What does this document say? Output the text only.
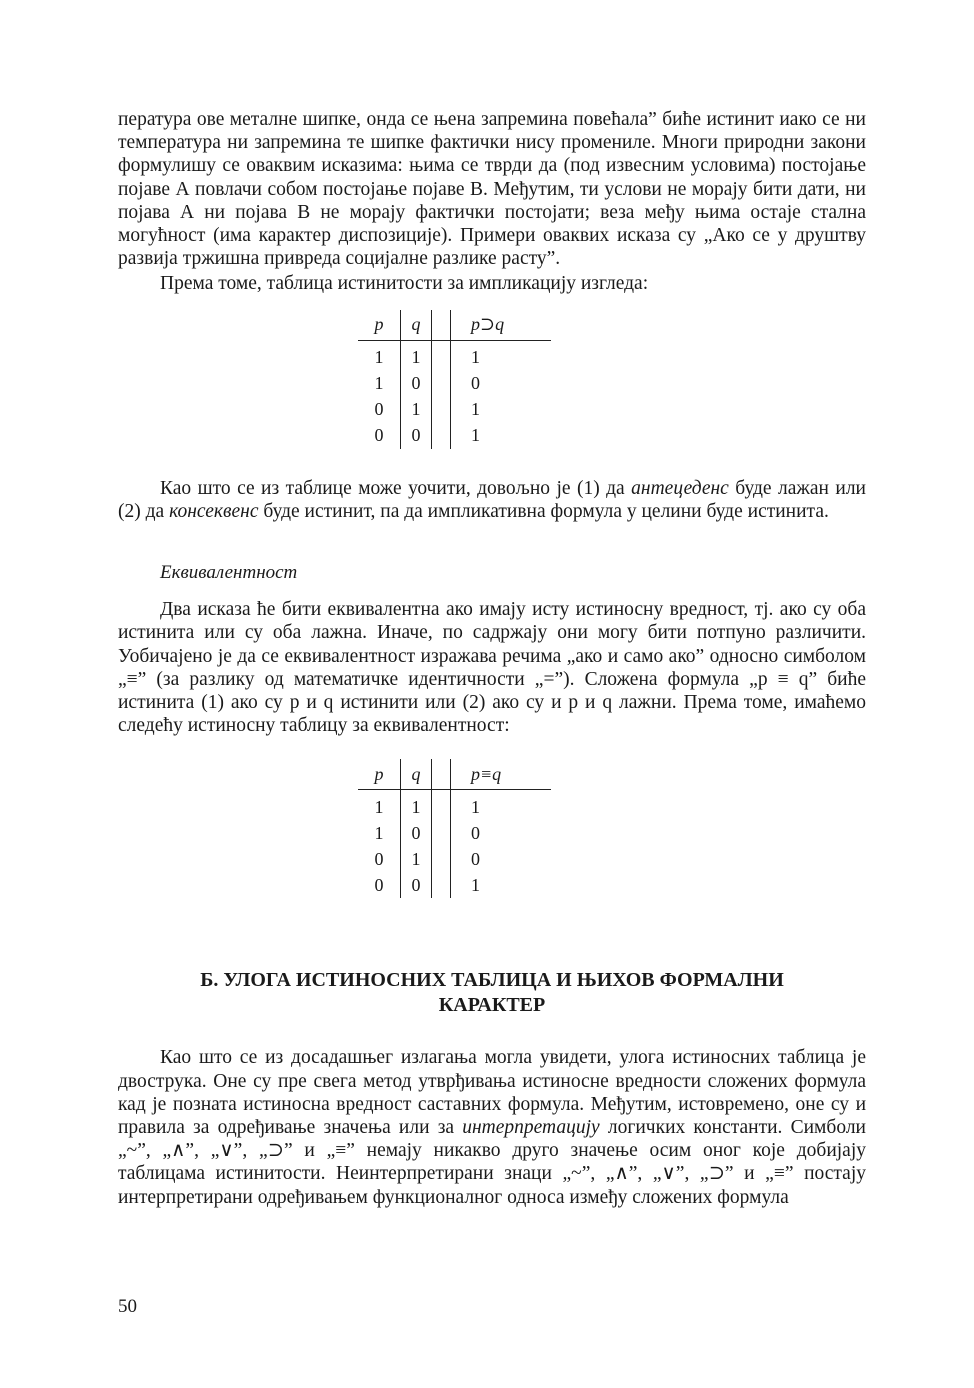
пература ове металне шипке, онда се њена запремина повећала” биће истинит иако се ни температура ни запремина те шипке фактички нису промениле. Многи природни закони формулишу се оваквим исказима: њима се тврди да (под извесним условима) постојање појаве А повлачи собом постојање појаве В. Међутим, ти услови не морају бити дати, ни појава А ни појава В не морају фактички постојати; веза међу њима остаје стална могућност (има карактер диспозиције). Примери оваквих исказа су „Ако се у друштву развија тржишна привреда социјалне разлике расту”.

Према томе, таблица истинитости за импликацију изгледа:

p	q		p⊃q
1	1		1
1	0		0
0	1		1
0	0		1

Као што се из таблице може уочити, довољно је (1) да антецеденс буде лажан или (2) да консеквенс буде истинит, па да импликативна формула у целини буде истинита.

Еквивалентност

Два исказа ће бити еквивалентна ако имају исту истиносну вредност, тј. ако су оба истинита или су оба лажна. Иначе, по садржају они могу бити потпуно различити. Уобичајено је да се еквивалентност изражава речима „ако и само ако” односно симболом „≡” (за разлику од математичке идентичности „=”). Сложена формула „p ≡ q” биће истинита (1) ако су p и q истинити или (2) ако су и p и q лажни. Према томе, имаћемо следећу истиносну таблицу за еквивалентност:

p	q		p≡q
1	1		1
1	0		0
0	1		0
0	0		1

Б. УЛОГА ИСТИНОСНИХ ТАБЛИЦА И ЊИХОВ ФОРМАЛНИ КАРАКТЕР

Као што се из досадашњег излагања могла увидети, улога истиносних таблица је двострука. Оне су пре свега метод утврђивања истиносне вредности сложених формула кад је позната истиносна вредност саставних формула. Међутим, истовремено, оне су и правила за одређивање значења или за интерпретацију логичких константи. Симболи „~”, „∧”, „∨”, „⊃” и „≡” немају никакво друго значење осим оног које добијају таблицама истинитости. Неинтерпретирани знаци „~”, „∧”, „∨”, „⊃” и „≡” постају интерпретирани одређивањем функционалног односа између сложених формула

50
